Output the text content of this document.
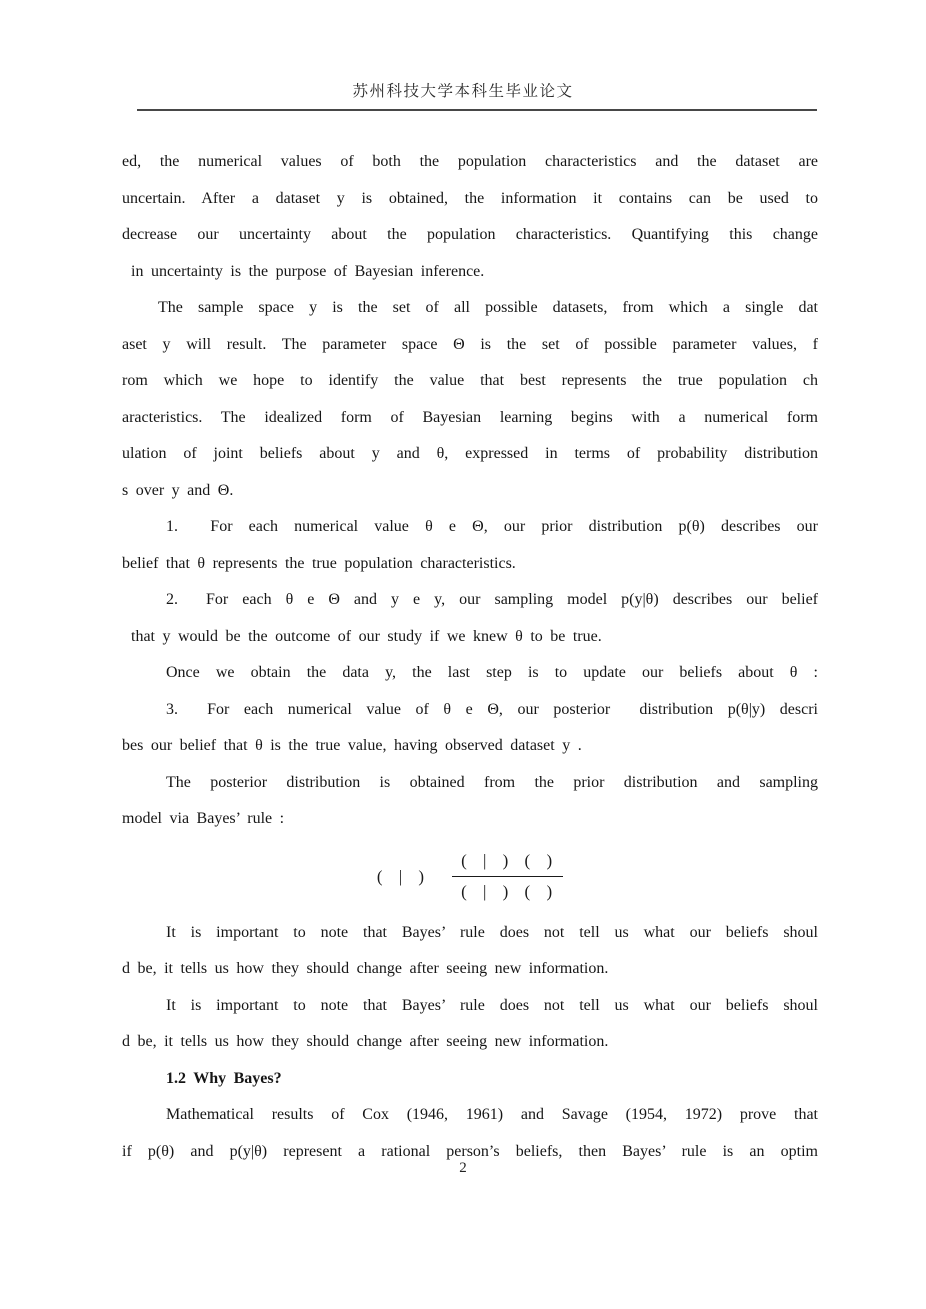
苏州科技大学本科生毕业论文
ed, the numerical values of both the population characteristics and the dataset are
uncertain. After a dataset y is obtained, the information it contains can be used to
decrease our uncertainty about the population characteristics. Quantifying this change
in uncertainty is the purpose of Bayesian inference.
The sample space y is the set of all possible datasets, from which a single dat
aset y will result. The parameter space Θ is the set of possible parameter values, f
rom which we hope to identify the value that best represents the true population ch
aracteristics. The idealized form of Bayesian learning begins with a numerical form
ulation of joint beliefs about y and θ, expressed in terms of probability distribution
s over y and Θ.
1.  For each numerical value θ e Θ, our prior distribution p(θ) describes our
belief that θ represents the true population characteristics.
2.  For each θ e Θ and y e y, our sampling model p(y|θ) describes our belief
that y would be the outcome of our study if we knew θ to be true.
Once we obtain the data y, the last step is to update our beliefs about θ :
3.  For each numerical value of θ e Θ, our posterior  distribution p(θ|y) descri
bes our belief that θ is the true value, having observed dataset y .
The posterior distribution is obtained from the prior distribution and sampling
model via Bayes’ rule :
( | ) $\frac{( | ) ( )}{( | ) ( )}$
It is important to note that Bayes’ rule does not tell us what our beliefs shoul
d be, it tells us how they should change after seeing new information.
It is important to note that Bayes’ rule does not tell us what our beliefs shoul
d be, it tells us how they should change after seeing new information.
1.2 Why Bayes?
Mathematical results of Cox (1946, 1961) and Savage (1954, 1972) prove that
if p(θ) and p(y|θ) represent a rational person’s beliefs, then Bayes’ rule is an optim
2
